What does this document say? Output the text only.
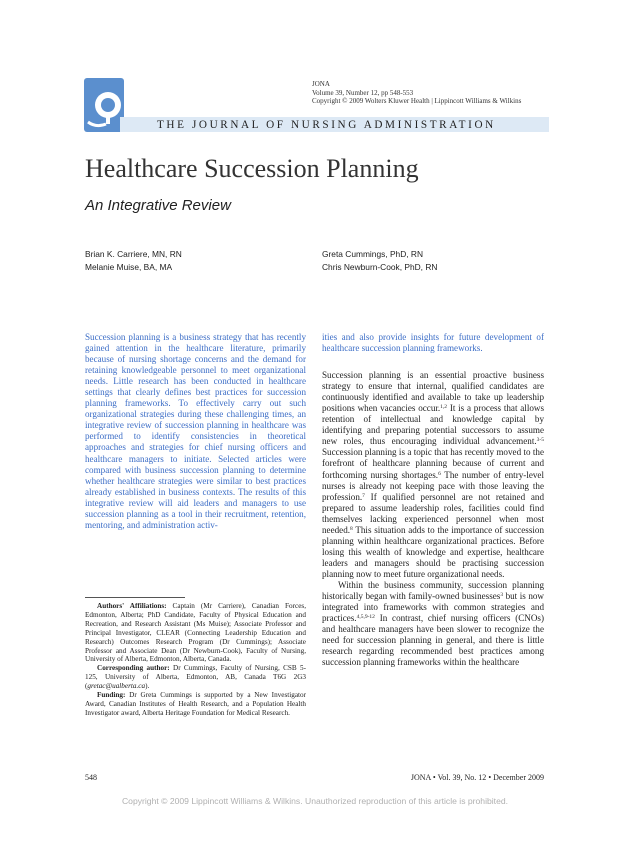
JONA
Volume 39, Number 12, pp 548-553
Copyright © 2009 Wolters Kluwer Health | Lippincott Williams & Wilkins
THE JOURNAL OF NURSING ADMINISTRATION
Healthcare Succession Planning
An Integrative Review
Brian K. Carriere, MN, RN
Melanie Muise, BA, MA
Greta Cummings, PhD, RN
Chris Newburn-Cook, PhD, RN

Succession planning is a business strategy that has recently gained attention in the healthcare literature, primarily because of nursing shortage concerns and the demand for retaining knowledgeable personnel to meet organizational needs. Little research has been conducted in healthcare settings that clearly defines best practices for succession planning frameworks. To effectively carry out such organizational strategies during these challenging times, an integrative review of succession planning in healthcare was performed to identify consistencies in theoretical approaches and strategies for chief nursing officers and healthcare managers to initiate. Selected articles were compared with business succession planning to determine whether healthcare strategies were similar to best practices already established in business contexts. The results of this integrative review will aid leaders and managers to use succession planning as a tool in their recruitment, retention, mentoring, and administration activ-

ities and also provide insights for future development of healthcare succession planning frameworks.

Succession planning is an essential proactive business strategy to ensure that internal, qualified candidates are continuously identified and available to take up leadership positions when vacancies occur.$^{1,2}$ It is a process that allows retention of intellectual and knowledge capital by identifying and preparing potential successors to assume new roles, thus encouraging individual advancement.$^{3-5}$ Succession planning is a topic that has recently moved to the forefront of healthcare planning because of current and forthcoming nursing shortages.$^6$ The number of entry-level nurses is already not keeping pace with those leaving the profession.$^7$ If qualified personnel are not retained and prepared to assume leadership roles, facilities could find themselves lacking experienced personnel when most needed.$^8$ This situation adds to the importance of succession planning within healthcare organizational practices. Before losing this wealth of knowledge and expertise, healthcare leaders and managers should be practising succession planning now to meet future organizational needs.

Within the business community, succession planning historically began with family-owned businesses$^3$ but is now integrated into frameworks with common strategies and practices.$^{4,5,9-12}$ In contrast, chief nursing officers (CNOs) and healthcare managers have been slower to recognize the need for succession planning in general, and there is little research regarding recommended best practices among succession planning frameworks within the healthcare

Authors' Affiliations: Captain (Mr Carriere), Canadian Forces, Edmonton, Alberta; PhD Candidate, Faculty of Physical Education and Recreation, and Research Assistant (Ms Muise); Associate Professor and Principal Investigator, CLEAR (Connecting Leadership Education and Research) Outcomes Research Program (Dr Cummings); Associate Professor and Associate Dean (Dr Newburn-Cook), Faculty of Nursing, University of Alberta, Edmonton, Alberta, Canada.

Corresponding author: Dr Cummings, Faculty of Nursing, CSB 5-125, University of Alberta, Edmonton, AB, Canada T6G 2G3 (gretac@ualberta.ca).

Funding: Dr Greta Cummings is supported by a New Investigator Award, Canadian Institutes of Health Research, and a Population Health Investigator award, Alberta Heritage Foundation for Medical Research.

548	JONA • Vol. 39, No. 12 • December 2009
Copyright © 2009 Lippincott Williams & Wilkins. Unauthorized reproduction of this article is prohibited.
